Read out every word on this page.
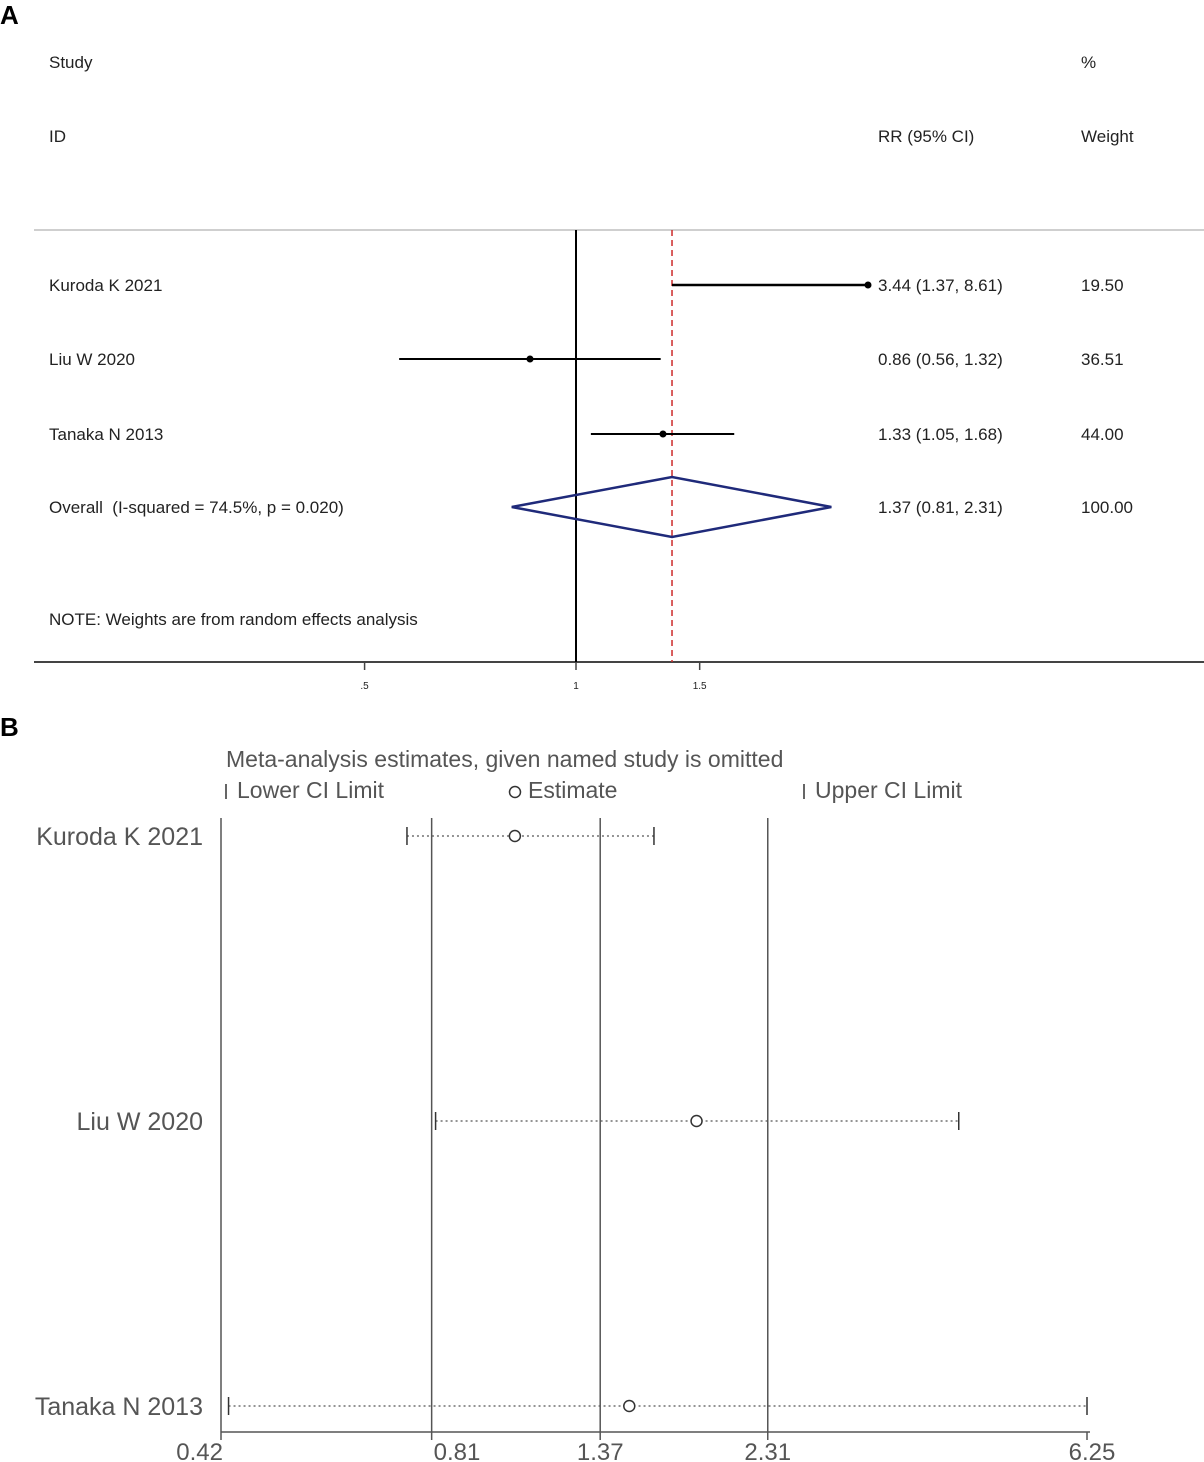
A
Study
ID	RR (95% CI)
%
Weight
Kuroda K 2021	3.44 (1.37, 8.61)	19.50
Liu W 2020	0.86 (0.56, 1.32)	36.51
Tanaka N 2013	1.33 (1.05, 1.68)	44.00
Overall  (I-squared = 74.5%, p = 0.020)	1.37 (0.81, 2.31)	100.00
NOTE: Weights are from random effects analysis
.5	1	1.5
B
Meta-analysis estimates, given named study is omitted
Lower CI Limit	Estimate	Upper CI Limit
Kuroda K 2021
Liu W 2020
Tanaka N 2013
0.42	0.81	1.37	2.31	6.25
